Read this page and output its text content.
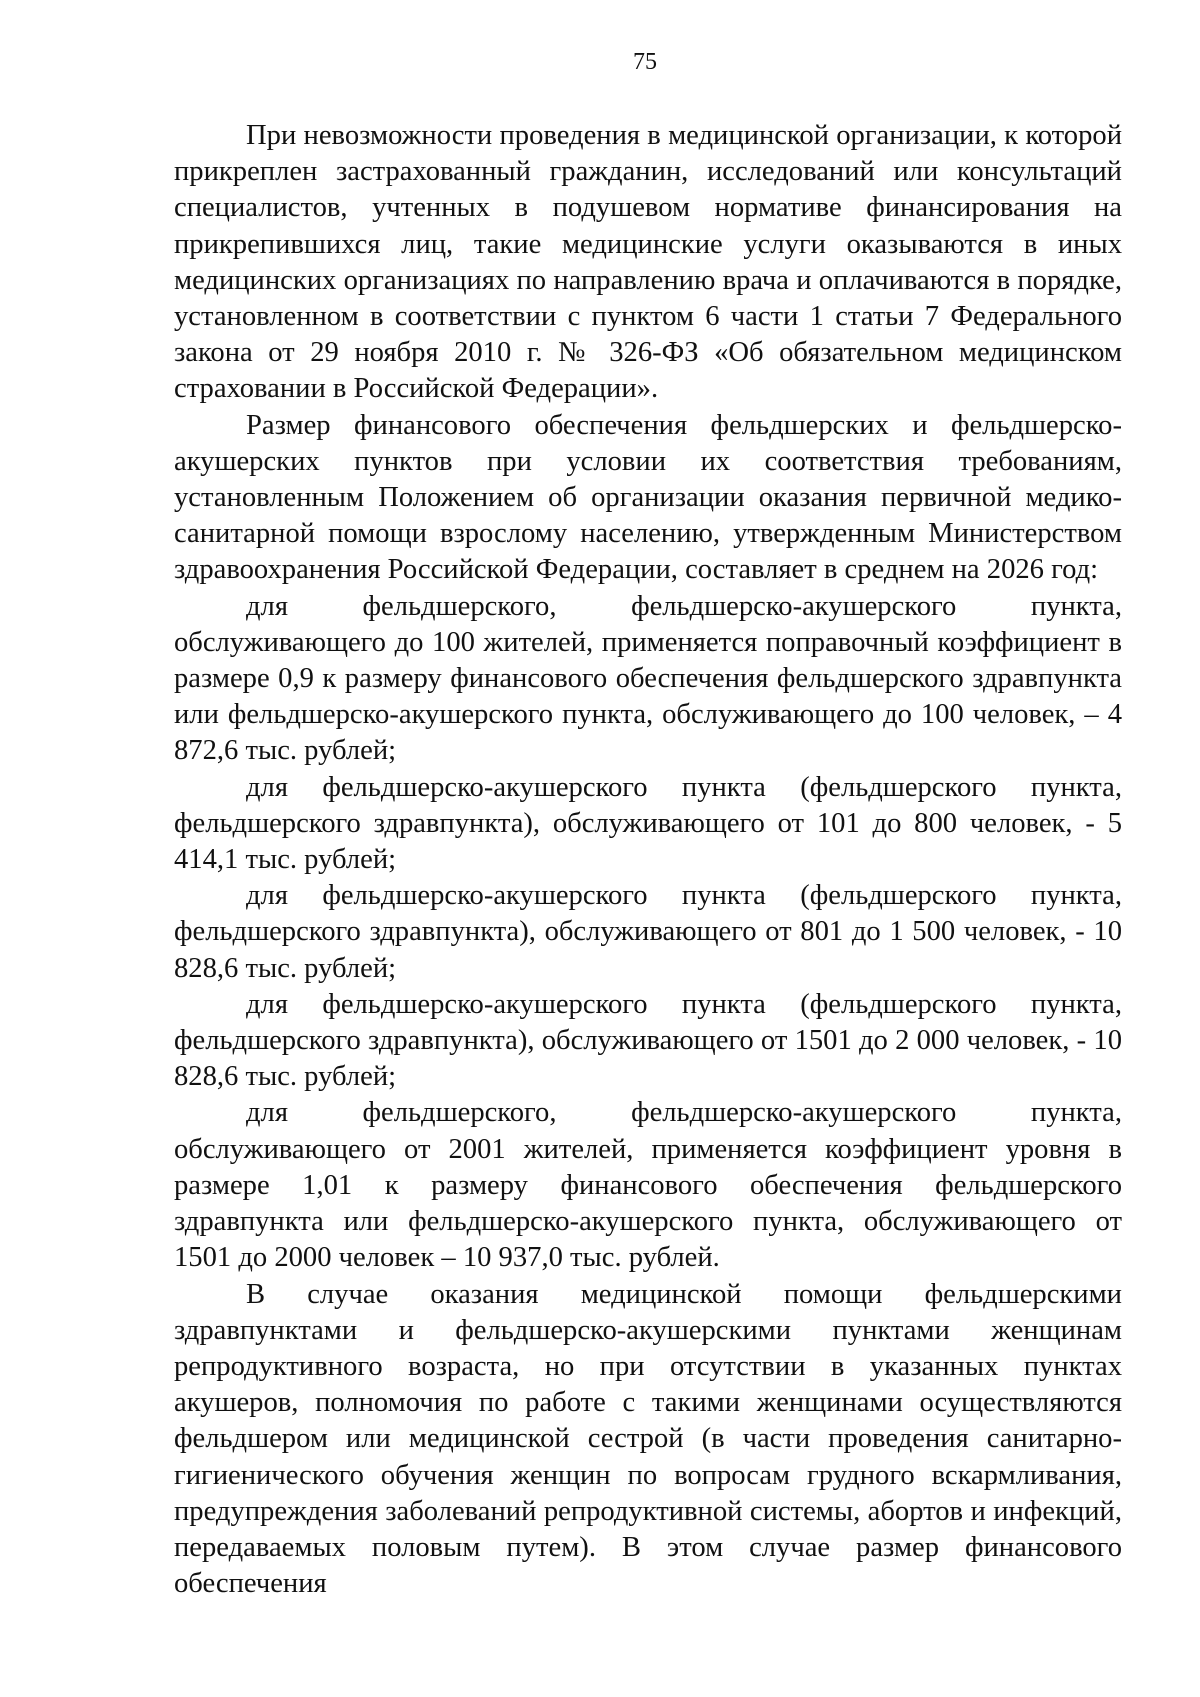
75

При невозможности проведения в медицинской организации, к которой прикреплен застрахованный гражданин, исследований или консультаций специалистов, учтенных в подушевом нормативе финансирования на прикрепившихся лиц, такие медицинские услуги оказываются в иных медицинских организациях по направлению врача и оплачиваются в порядке, установленном в соответствии с пунктом 6 части 1 статьи 7 Федерального закона от 29 ноября 2010 г. № 326-ФЗ «Об обязательном медицинском страховании в Российской Федерации».

Размер финансового обеспечения фельдшерских и фельдшерско-акушерских пунктов при условии их соответствия требованиям, установленным Положением об организации оказания первичной медико-санитарной помощи взрослому населению, утвержденным Министерством здравоохранения Российской Федерации, составляет в среднем на 2026 год:

для фельдшерского, фельдшерско-акушерского пункта, обслуживающего до 100 жителей, применяется поправочный коэффициент в размере 0,9 к размеру финансового обеспечения фельдшерского здравпункта или фельдшерско-акушерского пункта, обслуживающего до 100 человек, – 4 872,6 тыс. рублей;

для фельдшерско-акушерского пункта (фельдшерского пункта, фельдшерского здравпункта), обслуживающего от 101 до 800 человек, - 5 414,1 тыс. рублей;

для фельдшерско-акушерского пункта (фельдшерского пункта, фельдшерского здравпункта), обслуживающего от 801 до 1 500 человек, - 10 828,6 тыс. рублей;

для фельдшерско-акушерского пункта (фельдшерского пункта, фельдшерского здравпункта), обслуживающего от 1501 до 2 000 человек, - 10 828,6 тыс. рублей;

для фельдшерского, фельдшерско-акушерского пункта, обслуживающего от 2001 жителей, применяется коэффициент уровня в размере 1,01 к размеру финансового обеспечения фельдшерского здравпункта или фельдшерско-акушерского пункта, обслуживающего от 1501 до 2000 человек – 10 937,0 тыс. рублей.

В случае оказания медицинской помощи фельдшерскими здравпунктами и фельдшерско-акушерскими пунктами женщинам репродуктивного возраста, но при отсутствии в указанных пунктах акушеров, полномочия по работе с такими женщинами осуществляются фельдшером или медицинской сестрой (в части проведения санитарно-гигиенического обучения женщин по вопросам грудного вскармливания, предупреждения заболеваний репродуктивной системы, абортов и инфекций, передаваемых половым путем). В этом случае размер финансового обеспечения
